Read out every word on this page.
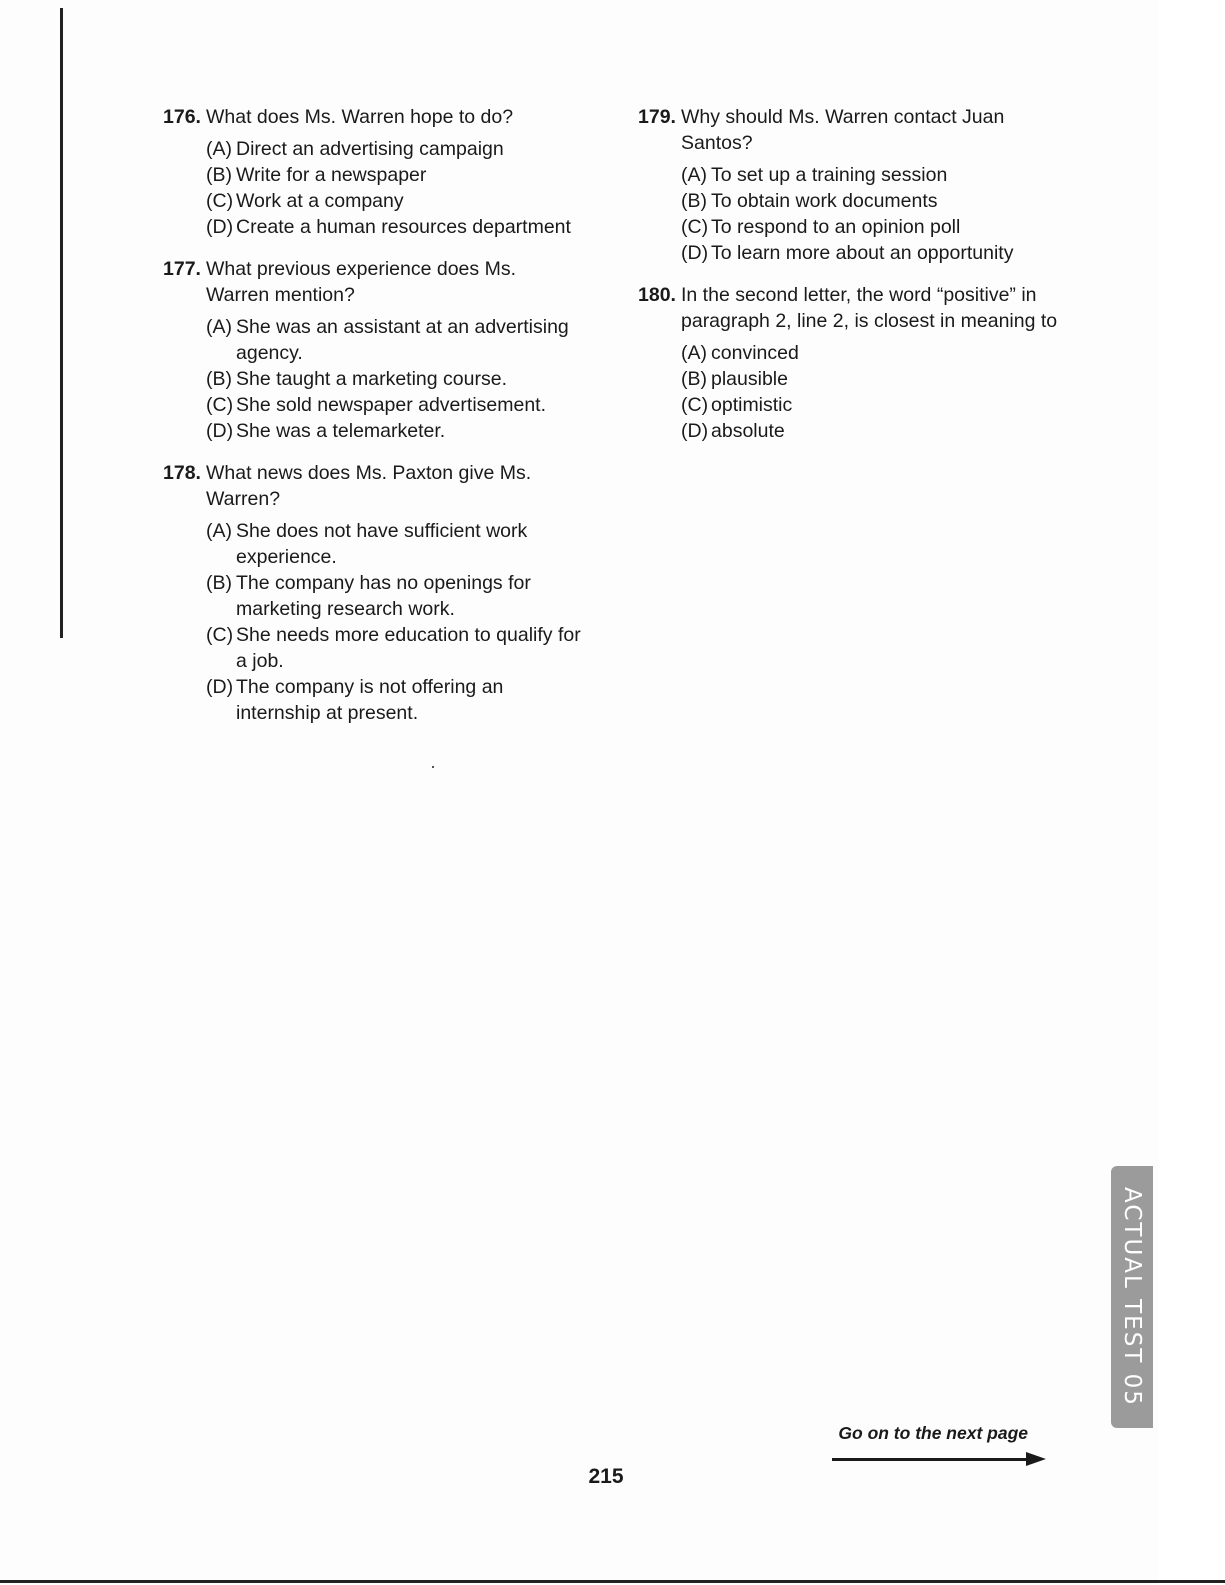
176. What does Ms. Warren hope to do?
(A) Direct an advertising campaign
(B) Write for a newspaper
(C) Work at a company
(D) Create a human resources department
177. What previous experience does Ms. Warren mention?
(A) She was an assistant at an advertising agency.
(B) She taught a marketing course.
(C) She sold newspaper advertisement.
(D) She was a telemarketer.
178. What news does Ms. Paxton give Ms. Warren?
(A) She does not have sufficient work experience.
(B) The company has no openings for marketing research work.
(C) She needs more education to qualify for a job.
(D) The company is not offering an internship at present.
179. Why should Ms. Warren contact Juan Santos?
(A) To set up a training session
(B) To obtain work documents
(C) To respond to an opinion poll
(D) To learn more about an opportunity
180. In the second letter, the word “positive” in paragraph 2, line 2, is closest in meaning to
(A) convinced
(B) plausible
(C) optimistic
(D) absolute
ACTUAL TEST 05
Go on to the next page
215
